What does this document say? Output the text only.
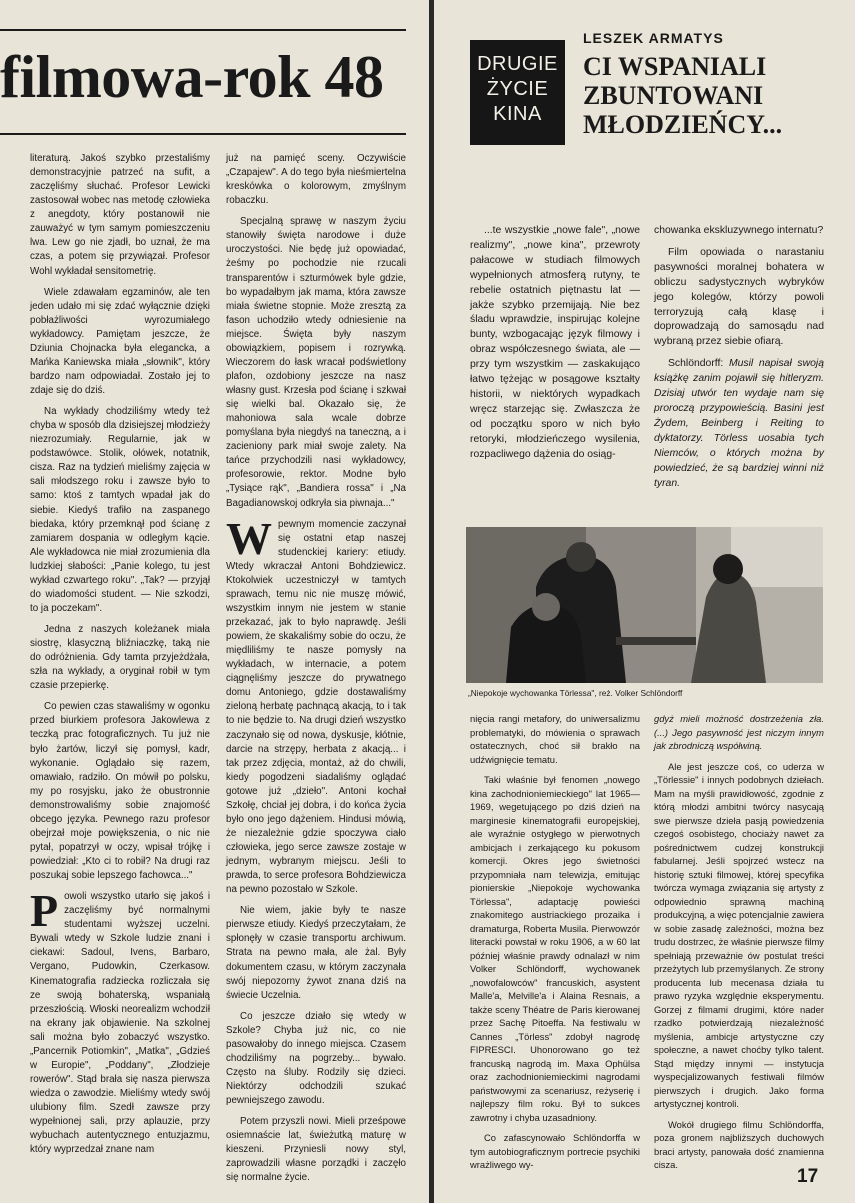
filmowa-rok 48

literaturą. Jakoś szybko przestaliśmy demonstracyjnie patrzeć na sufit, a zaczęliśmy słuchać. Profesor Lewicki zastosował wobec nas metodę człowieka z anegdoty, który postanowił nie zauważyć w tym samym pomieszczeniu lwa. Lew go nie zjadł, bo uznał, że ma czas, a potem się przywiązał. Profesor Wohl wykładał sensitometrię.

Wiele zdawałam egzaminów, ale ten jeden udało mi się zdać wyłącznie dzięki pobłażliwości wyrozumiałego wykładowcy. Pamiętam jeszcze, że Dziunia Chojnacka była elegancka, a Mańka Kaniewska miała „słownik", który bardzo nam odpowiadał. Zostało jej to zdaje się do dziś.

Na wykłady chodziliśmy wtedy też chyba w sposób dla dzisiejszej młodzieży niezrozumiały. Regularnie, jak w podstawówce. Stolik, ołówek, notatnik, cisza. Raz na tydzień mieliśmy zajęcia w sali młodszego roku i zawsze było to samo: ktoś z tamtych wpadał jak do siebie. Kiedyś trafiło na zaspanego biedaka, który przemknął pod ścianę z zamiarem dospania w odległym kącie. Ale wykładowca nie miał zrozumienia dla ludzkiej słabości: „Panie kolego, tu jest wykład czwartego roku". „Tak? — przyjął do wiadomości student. — Nie szkodzi, to ja poczekam".

Jedna z naszych koleżanek miała siostrę, klasyczną bliźniaczkę, taką nie do odróżnienia. Gdy tamta przyjeżdżała, szła na wykłady, a oryginał robił w tym czasie przepierkę.

Co pewien czas stawaliśmy w ogonku przed biurkiem profesora Jakowlewa z teczką prac fotograficznych. Tu już nie było żartów, liczył się pomysł, kadr, wykonanie. Oglądało się razem, omawiało, radziło. On mówił po polsku, my po rosyjsku, jako że obustronnie demonstrowaliśmy sobie znajomość obcego języka. Pewnego razu profesor obejrzał moje powiększenia, o nic nie pytał, popatrzył w oczy, wpisał trójkę i powiedział: „Kto ci to robił? Na drugi raz poszukaj sobie lepszego fachowca..."

Powoli wszystko utarło się jakoś i zaczęliśmy być normalnymi studentami wyższej uczelni. Bywali wtedy w Szkole ludzie znani i ciekawi: Sadoul, Ivens, Barbaro, Vergano, Pudowkin, Czerkasow. Kinematografia radziecka rozliczała się ze swoją bohaterską, wspaniałą przeszłością. Włoski neorealizm wchodził na ekrany jak objawienie. Na szkolnej sali można było zobaczyć wszystko. „Pancernik Potiomkin", „Matka", „Gdzieś w Europie", „Poddany", „Złodzieje rowerów". Stąd brała się nasza pierwsza wiedza o zawodzie. Mieliśmy wtedy swój ulubiony film. Szedł zawsze przy wypełnionej sali, przy aplauzie, przy wybuchach autentycznego entuzjazmu, który wyprzedzał znane nam

już na pamięć sceny. Oczywiście „Czapajew". A do tego była nieśmiertelna kreskówka o kolorowym, zmyślnym robaczku.

Specjalną sprawę w naszym życiu stanowiły święta narodowe i duże uroczystości. Nie będę już opowiadać, żeśmy po pochodzie nie rzucali transparentów i szturmówek byle gdzie, bo wypadałbym jak mama, która zawsze miała świetne stopnie. Może zresztą za fason uchodziło wtedy odniesienie na miejsce. Święta były naszym obowiązkiem, popisem i rozrywką. Wieczorem do łask wracał podświetlony plafon, ozdobiony jeszcze na nasz własny gust. Krzesła pod ścianę i szkwał się wielki bal. Okazało się, że mahoniowa sala wcale dobrze pomyślana była niegdyś na taneczną, a i zacieniony park miał swoje zalety. Na tańce przychodzili nasi wykładowcy, profesorowie, rektor. Modne było „Tysiące rąk", „Bandiera rossa" i „Na Bagadianowskoj odkryła sia piwnaja..."

Wpewnym momencie zaczynał się ostatni etap naszej studenckiej kariery: etiudy. Wtedy wkraczał Antoni Bohdziewicz. Ktokolwiek uczestniczył w tamtych sprawach, temu nic nie muszę mówić, wszystkim innym nie jestem w stanie przekazać, jak to było naprawdę. Jeśli powiem, że skakaliśmy sobie do oczu, że międliliśmy te nasze pomysły na wykładach, w internacie, a potem ciągnęliśmy jeszcze do prywatnego domu Antoniego, gdzie dostawaliśmy zieloną herbatę pachnącą akacją, to i tak to nie będzie to. Na drugi dzień wszystko zaczynało się od nowa, dyskusje, kłótnie, darcie na strzępy, herbata z akacją... i tak przez zdjęcia, montaż, aż do chwili, kiedy pogodzeni siadaliśmy oglądać gotowe już „dzieło". Antoni kochał Szkołę, chciał jej dobra, i do końca życia było ono jego dążeniem. Hindusi mówią, że niezależnie gdzie spoczywa ciało człowieka, jego serce zawsze zostaje w jednym, wybranym miejscu. Jeśli to prawda, to serce profesora Bohdziewicza na pewno pozostało w Szkole.

Nie wiem, jakie były te nasze pierwsze etiudy. Kiedyś przeczytałam, że spłonęły w czasie transportu archiwum. Strata na pewno mała, ale żal. Były dokumentem czasu, w którym zaczynała swój niepozorny żywot znana dziś na świecie Uczelnia.

Co jeszcze działo się wtedy w Szkole? Chyba już nic, co nie pasowałoby do innego miejsca. Czasem chodziliśmy na pogrzeby... bywało. Często na śluby. Rodzily się dzieci. Niektórzy odchodzili szukać pewniejszego zawodu.

Potem przyszli nowi. Mieli prześpowe osiemnaście lat, świeżutką maturę w kieszeni. Przyniesli nowy styl, zaprowadzili własne porządki i zaczęło się normalne życie.

DRUGIE
ŻYCIE
KINA
LESZEK ARMATYS
CI WSPANIALI
ZBUNTOWANI
MŁODZIEŃCY...

...te wszystkie „nowe fale", „nowe realizmy", „nowe kina", przewroty pałacowe w studiach filmowych wypełnionych atmosferą rutyny, te rebelie ostatnich piętnastu lat — jakże szybko przemijają. Nie bez śladu wprawdzie, inspirując kolejne bunty, wzbogacając język filmowy i obraz współczesnego świata, ale — przy tym wszystkim — zaskakująco łatwo tężejąc w posągowe kształty historii, w niektórych wypadkach wręcz starzejąc się. Zwłaszcza że od początku sporo w nich było retoryki, młodzieńczego wysilenia, rozpacliwego dążenia do osiąg-

chowanka ekskluzywnego internatu?

Film opowiada o narastaniu pasywności moralnej bohatera w obliczu sadystycznych wybryków jego kolegów, którzy powoli terroryzują całą klasę i doprowadzają do samosądu nad wybraną przez siebie ofiarą.

Schlöndorff: Musil napisał swoją książkę zanim pojawił się hitleryzm. Dzisiaj utwór ten wydaje nam się proroczą przypowieścią. Basini jest Żydem, Beinberg i Reiting to dyktatorzy. Törless uosabia tych Niemców, o których można by powiedzieć, że są bardziej winni niż tyran.

„Niepokoje wychowanka Törlessa", reż. Volker Schlöndorff

nięcia rangi metafory, do uniwersalizmu problematyki, do mówienia o sprawach ostatecznych, choć sił brakło na udźwignięcie tematu.

Taki właśnie był fenomen „nowego kina zachodnioniemieckiego" lat 1965—1969, wegetującego po dziś dzień na marginesie kinematografii europejskiej, ale wyraźnie ostygłego w pierwotnych ambicjach i zerkającego ku pokusom komercji. Okres jego świetności przypomniała nam telewizja, emitując pionierskie „Niepokoje wychowanka Törlessa", adaptację powieści znakomitego austriackiego prozaika i dramaturga, Roberta Musila. Pierwowzór literacki powstał w roku 1906, a w 60 lat później właśnie prawdy odnalazł w nim Volker Schlöndorff, wychowanek „nowofalowców" francuskich, asystent Malle'a, Melville'a i Alaina Resnais, a także sceny Théatre de Paris kierowanej przez Sachę Pitoeffa. Na festiwalu w Cannes „Törless" zdobył nagrodę FIPRESCI. Uhonorowano go też francuską nagrodą im. Maxa Ophülsa oraz zachodnioniemieckimi nagrodami państwowymi za scenariusz, reżyserię i najlepszy film roku. Był to sukces zawrotny i chyba uzasadniony.

Co zafascynowało Schlöndorffa w tym autobiograficznym portrecie psychiki wrażliwego wy-

gdyż mieli możność dostrzeżenia zła. (...) Jego pasywność jest niczym innym jak zbrodniczą współwiną.

Ale jest jeszcze coś, co uderza w „Törlessie" i innych podobnych dziełach. Mam na myśli prawidłowość, zgodnie z którą młodzi ambitni twórcy nasycają swe pierwsze dzieła pasją powiedzenia czegoś osobistego, chociaży nawet za pośrednictwem cudzej konstrukcji fabularnej. Jeśli spojrzeć wstecz na historię sztuki filmowej, której specyfika twórcza wymaga związania się artysty z odpowiednio sprawną machiną produkcyjną, a więc potencjalnie zawiera w sobie zasadę zależności, można bez trudu dostrzec, że właśnie pierwsze filmy spełniają przeważnie ów postulat treści przeżytych lub przemyślanych. Ze strony producenta lub mecenasa działa tu prawo ryzyka względnie eksperymentu. Gorzej z filmami drugimi, które nader rzadko potwierdzają niezależność myślenia, ambicje artystyczne czy społeczne, a nawet choćby tylko talent. Stąd między innymi — instytucja wyspecjalizowanych festiwali filmów pierwszych i drugich. Jako forma artystycznej kontroli.

Wokół drugiego filmu Schlöndorffa, poza gronem najbliższych duchowych braci artysty, panowała dość znamienna cisza.

17
